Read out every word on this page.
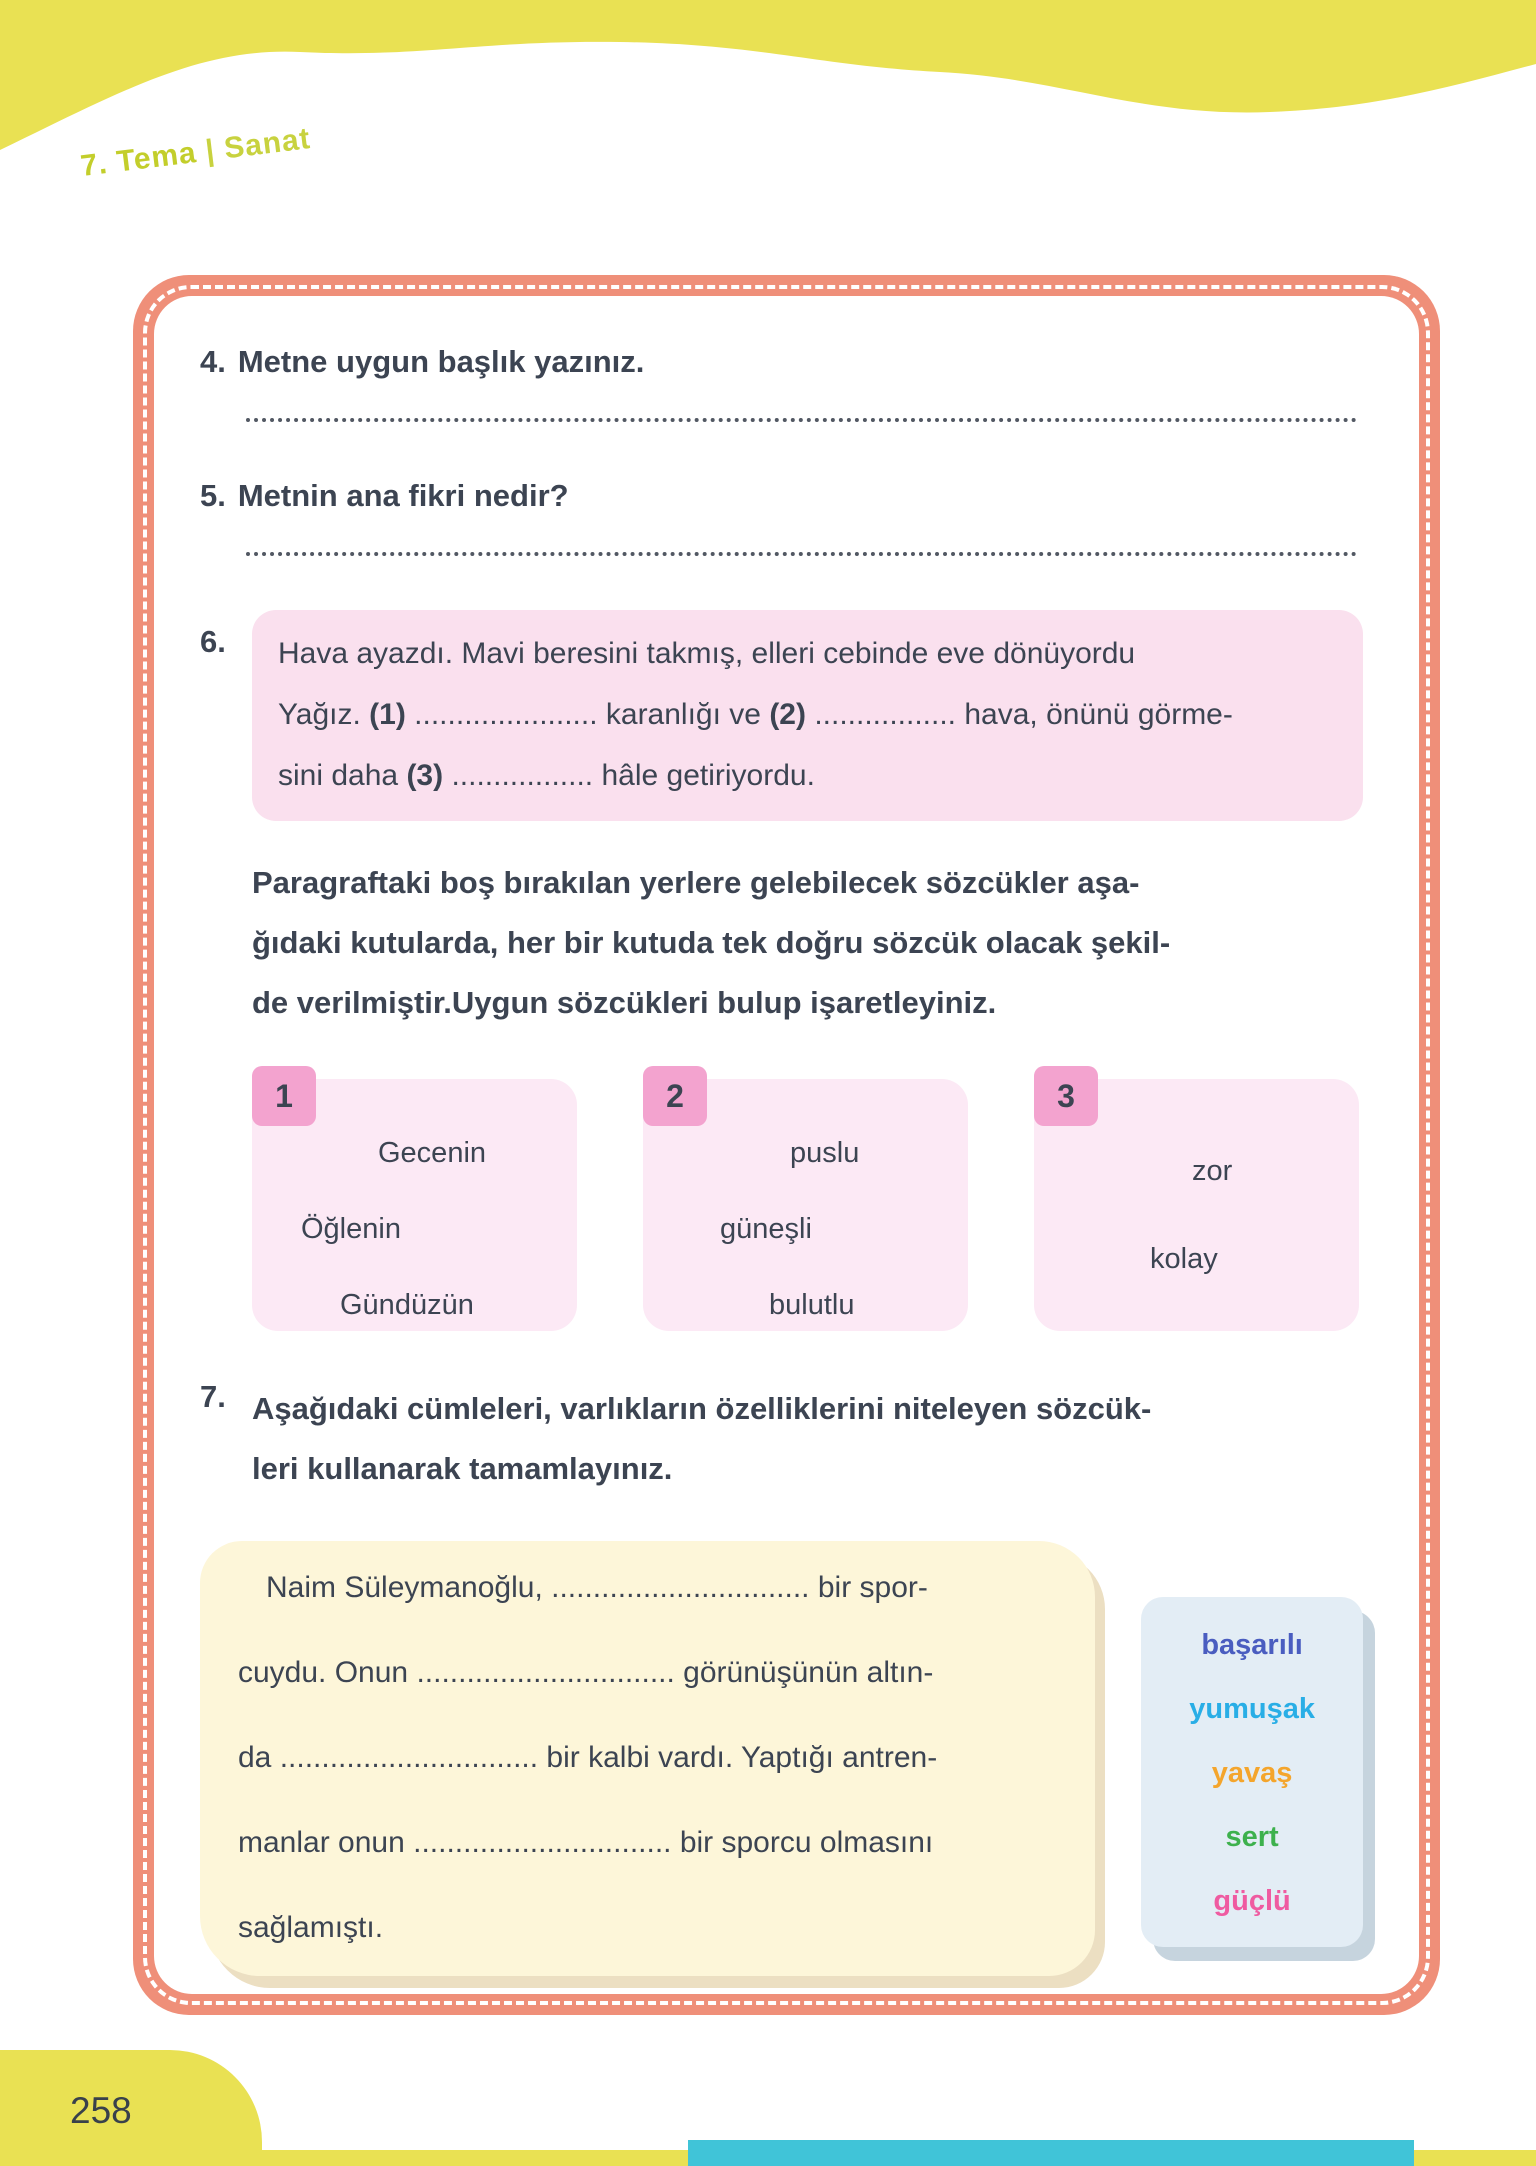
7. Tema | Sanat
4. Metne uygun başlık yazınız.
5. Metnin ana fikri nedir?
6.	Hava ayazdı. Mavi beresini takmış, elleri cebinde eve dönüyordu
Yağız. (1) ...................... karanlığı ve (2) ................. hava, önünü görme-
sini daha (3) ................. hâle getiriyordu.
Paragraftaki boş bırakılan yerlere gelebilecek sözcükler aşa-
ğıdaki kutularda, her bir kutuda tek doğru sözcük olacak şekil-
de verilmiştir.Uygun sözcükleri bulup işaretleyiniz.
1
Gecenin
Öğlenin
Gündüzün
2
puslu
güneşli
bulutlu
3
zor
kolay
7. Aşağıdaki cümleleri, varlıkların özelliklerini niteleyen sözcük-
leri kullanarak tamamlayınız.
Naim Süleymanoğlu, ............................... bir spor-
cuydu. Onun ............................... görünüşünün altın-
da ............................... bir kalbi vardı. Yaptığı antren-
manlar onun ............................... bir sporcu olmasını
sağlamıştı.
başarılı
yumuşak
yavaş
sert
güçlü
258
